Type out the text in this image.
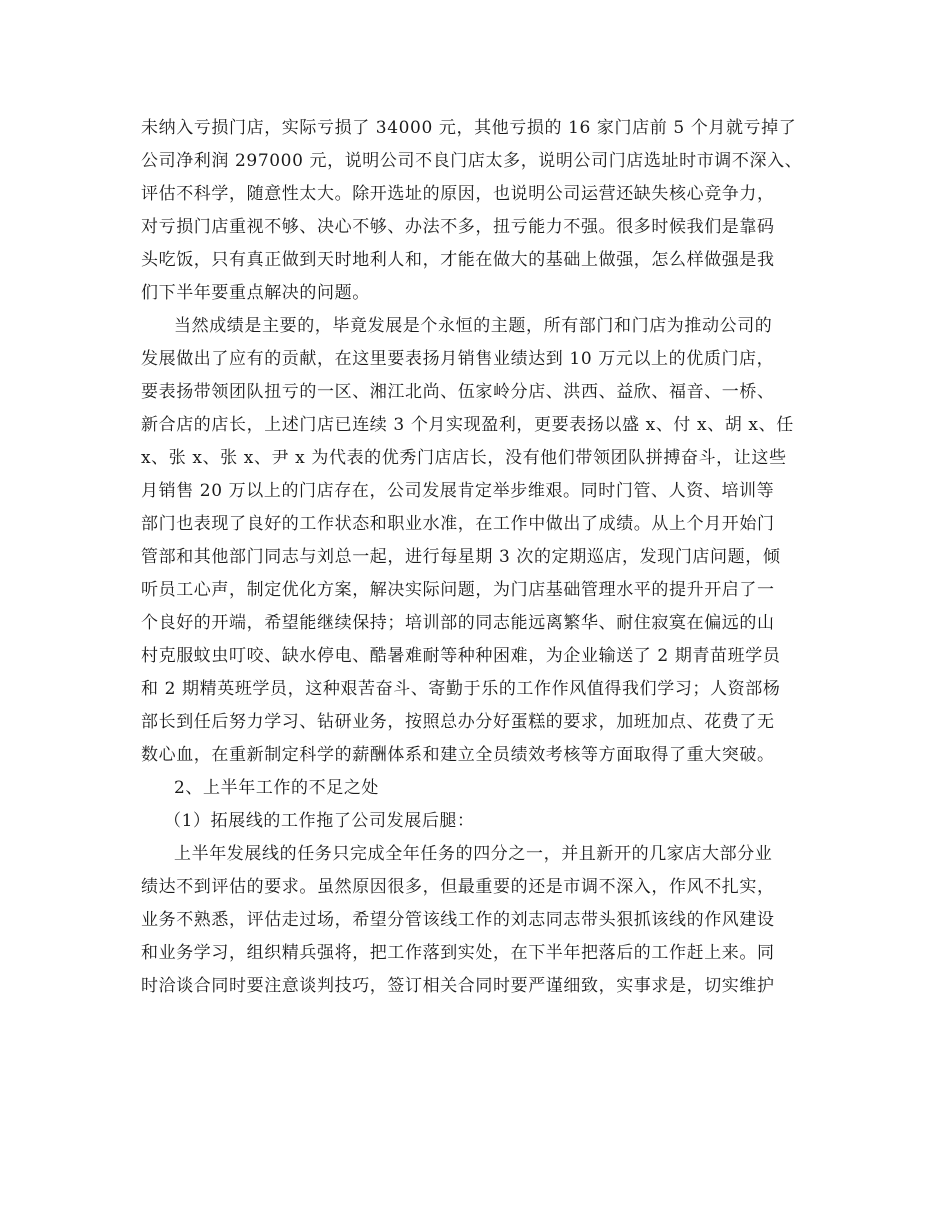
未纳入亏损门店，实际亏损了 34000 元，其他亏损的 16 家门店前 5 个月就亏掉了
公司净利润 297000 元，说明公司不良门店太多，说明公司门店选址时市调不深入、
评估不科学，随意性太大。除开选址的原因，也说明公司运营还缺失核心竞争力，
对亏损门店重视不够、决心不够、办法不多，扭亏能力不强。很多时候我们是靠码
头吃饭，只有真正做到天时地利人和，才能在做大的基础上做强，怎么样做强是我
们下半年要重点解决的问题。
当然成绩是主要的，毕竟发展是个永恒的主题，所有部门和门店为推动公司的
发展做出了应有的贡献，在这里要表扬月销售业绩达到 10 万元以上的优质门店，
要表扬带领团队扭亏的一区、湘江北尚、伍家岭分店、洪西、益欣、福音、一桥、
新合店的店长，上述门店已连续 3 个月实现盈利，更要表扬以盛 x、付 x、胡 x、任
x、张 x、张 x、尹 x 为代表的优秀门店店长，没有他们带领团队拼搏奋斗，让这些
月销售 20 万以上的门店存在，公司发展肯定举步维艰。同时门管、人资、培训等
部门也表现了良好的工作状态和职业水准，在工作中做出了成绩。从上个月开始门
管部和其他部门同志与刘总一起，进行每星期 3 次的定期巡店，发现门店问题，倾
听员工心声，制定优化方案，解决实际问题，为门店基础管理水平的提升开启了一
个良好的开端，希望能继续保持；培训部的同志能远离繁华、耐住寂寞在偏远的山
村克服蚊虫叮咬、缺水停电、酷暑难耐等种种困难，为企业输送了 2 期青苗班学员
和 2 期精英班学员，这种艰苦奋斗、寄勤于乐的工作作风值得我们学习；人资部杨
部长到任后努力学习、钻研业务，按照总办分好蛋糕的要求，加班加点、花费了无
数心血，在重新制定科学的薪酬体系和建立全员绩效考核等方面取得了重大突破。
2、上半年工作的不足之处
（1）拓展线的工作拖了公司发展后腿：
上半年发展线的任务只完成全年任务的四分之一，并且新开的几家店大部分业
绩达不到评估的要求。虽然原因很多，但最重要的还是市调不深入，作风不扎实，
业务不熟悉，评估走过场，希望分管该线工作的刘志同志带头狠抓该线的作风建设
和业务学习，组织精兵强将，把工作落到实处，在下半年把落后的工作赶上来。同
时洽谈合同时要注意谈判技巧，签订相关合同时要严谨细致，实事求是，切实维护
